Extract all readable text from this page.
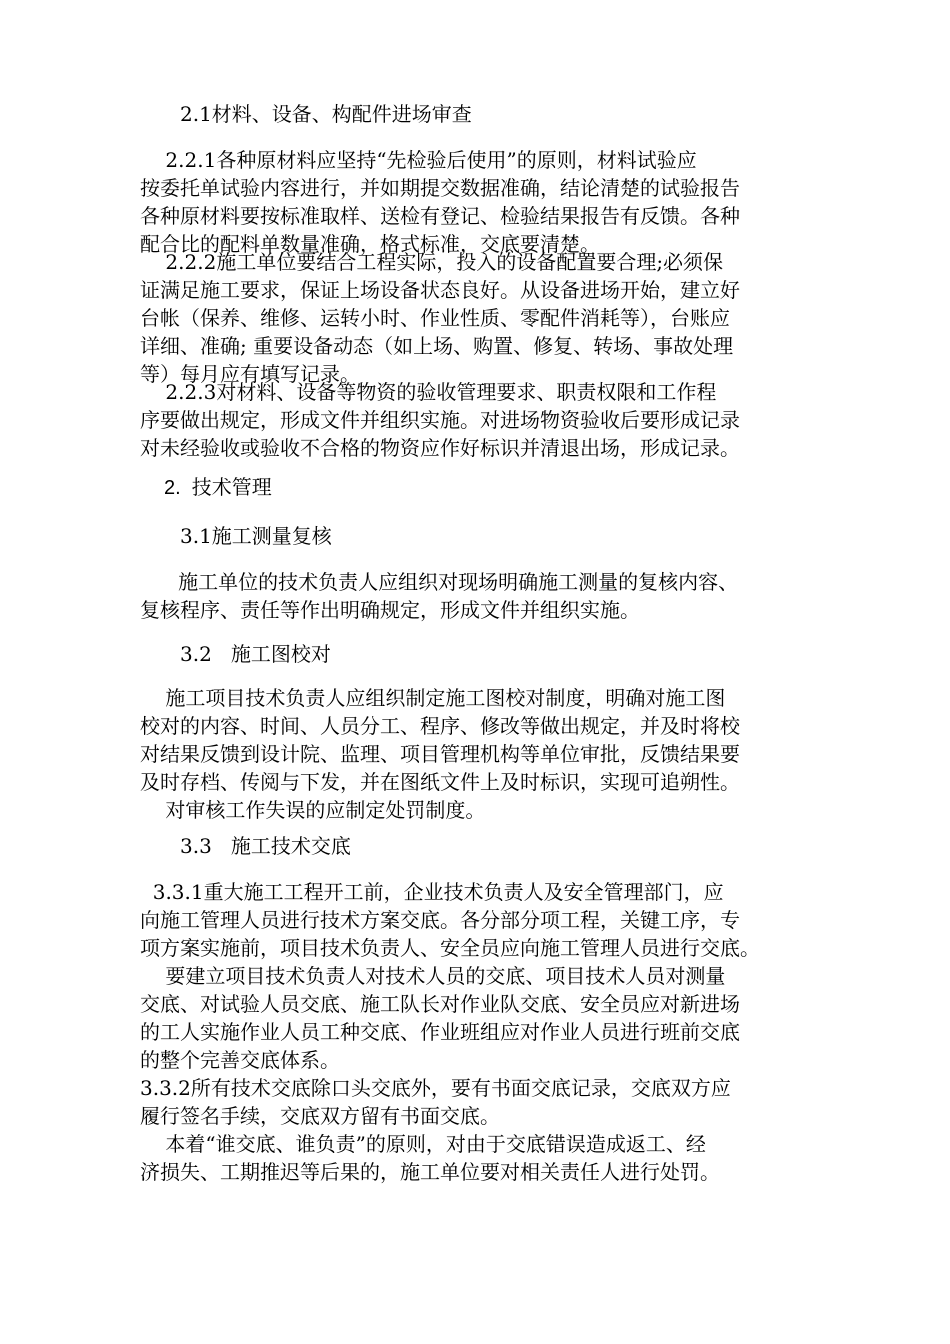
2.1材料、设备、构配件进场审查
2.2.1各种原材料应坚持“先检验后使用”的原则，材料试验应
按委托单试验内容进行，并如期提交数据准确，结论清楚的试验报告
各种原材料要按标准取样、送检有登记、检验结果报告有反馈。各种
配合比的配料单数量准确，格式标准，交底要清楚。
2.2.2施工单位要结合工程实际，投入的设备配置要合理;必须保
证满足施工要求，保证上场设备状态良好。从设备进场开始，建立好
台帐（保养、维修、运转小时、作业性质、零配件消耗等），台账应
详细、准确; 重要设备动态（如上场、购置、修复、转场、事故处理
等）每月应有填写记录。
2.2.3对材料、设备等物资的验收管理要求、职责权限和工作程
序要做出规定，形成文件并组织实施。对进场物资验收后要形成记录
对未经验收或验收不合格的物资应作好标识并清退出场，形成记录。
2.  技术管理
3.1施工测量复核
施工单位的技术负责人应组织对现场明确施工测量的复核内容、
复核程序、责任等作出明确规定，形成文件并组织实施。
3.2   施工图校对
施工项目技术负责人应组织制定施工图校对制度，明确对施工图
校对的内容、时间、人员分工、程序、修改等做出规定，并及时将校
对结果反馈到设计院、监理、项目管理机构等单位审批，反馈结果要
及时存档、传阅与下发，并在图纸文件上及时标识，实现可追朔性。
对审核工作失误的应制定处罚制度。
3.3   施工技术交底
3.3.1重大施工工程开工前，企业技术负责人及安全管理部门，应
向施工管理人员进行技术方案交底。各分部分项工程，关键工序，专
项方案实施前，项目技术负责人、安全员应向施工管理人员进行交底。
要建立项目技术负责人对技术人员的交底、项目技术人员对测量
交底、对试验人员交底、施工队长对作业队交底、安全员应对新进场
的工人实施作业人员工种交底、作业班组应对作业人员进行班前交底
的整个完善交底体系。
3.3.2所有技术交底除口头交底外，要有书面交底记录，交底双方应
履行签名手续，交底双方留有书面交底。
本着“谁交底、谁负责”的原则，对由于交底错误造成返工、经
济损失、工期推迟等后果的，施工单位要对相关责任人进行处罚。
